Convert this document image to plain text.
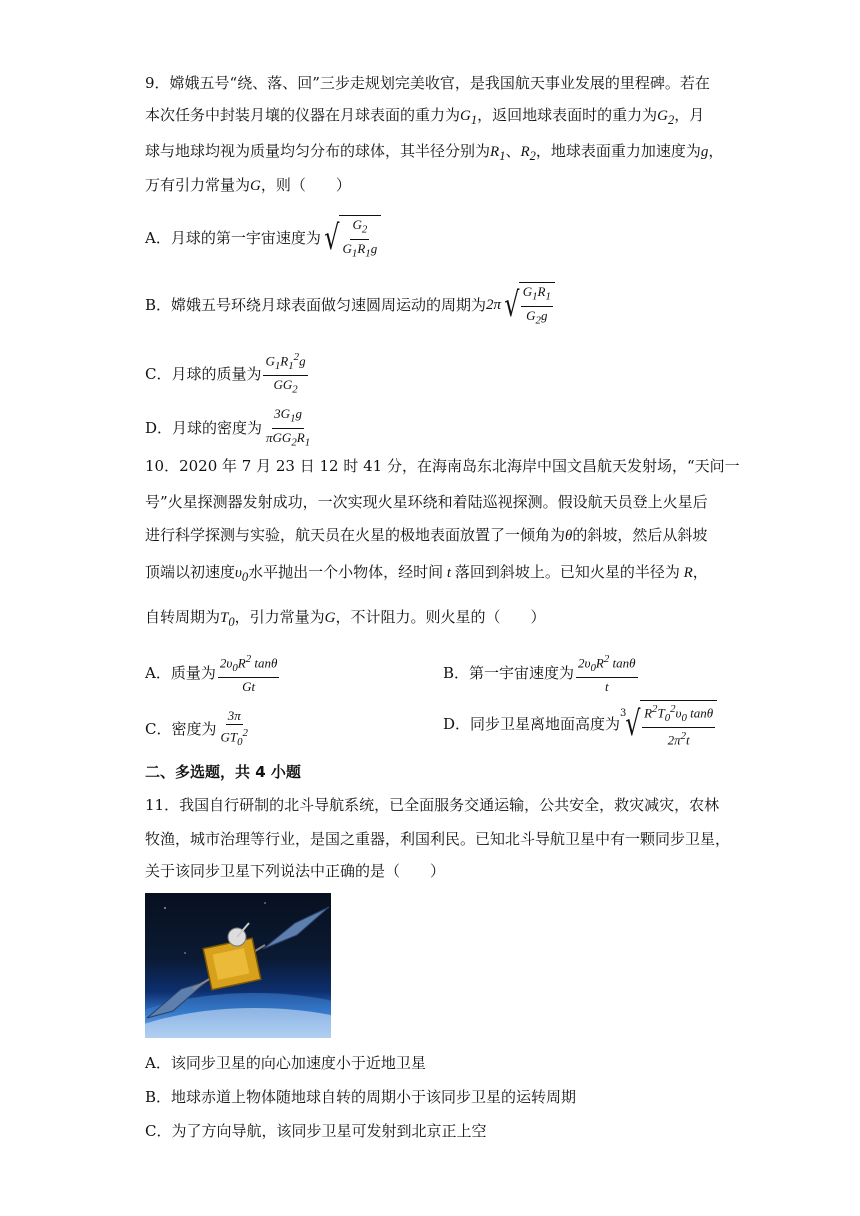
9．嫦娥五号“绕、落、回”三步走规划完美收官，是我国航天事业发展的里程碑。若在
本次任务中封装月壤的仪器在月球表面的重力为$G_1$，返回地球表面时的重力为$G_2$，月
球与地球均视为质量均匀分布的球体，其半径分别为$R_1$、$R_2$，地球表面重力加速度为g，
万有引力常量为G，则（　　）
A．月球的第一宇宙速度为 √ $\frac{G_2}{G_1R_1g}$
B．嫦娥五号环绕月球表面做匀速圆周运动的周期为 2π √ $\frac{G_1R_1}{G_2g}$
C．月球的质量为 $\frac{G_1R_1^2g}{GG_2}$
D．月球的密度为 $\frac{3G_1g}{\pi GG_2R_1}$
10．2020 年 7 月 23 日 12 时 41 分，在海南岛东北海岸中国文昌航天发射场，“天问一
号”火星探测器发射成功，一次实现火星环绕和着陆巡视探测。假设航天员登上火星后
进行科学探测与实验，航天员在火星的极地表面放置了一倾角为θ的斜坡，然后从斜坡
顶端以初速度$\upsilon_0$水平抛出一个小物体，经时间 t 落回到斜坡上。已知火星的半径为 R，
自转周期为$T_0$，引力常量为G，不计阻力。则火星的（　　）
A．质量为 $\frac{2\upsilon_0R^2 \tan\theta}{Gt}$	B．第一宇宙速度为 $\frac{2\upsilon_0R^2 \tan\theta}{t}$
C．密度为 $\frac{3\pi}{GT_0^2}$	D．同步卫星离地面高度为
3 √ $\frac{R^2T_0^2\upsilon_0 \tan\theta}{2\pi^2t}$
二、多选题，共 4 小题
11．我国自行研制的北斗导航系统，已全面服务交通运输，公共安全，救灾减灾，农林
牧渔，城市治理等行业，是国之重器，利国利民。已知北斗导航卫星中有一颗同步卫星，
关于该同步卫星下列说法中正确的是（　　）
A．该同步卫星的向心加速度小于近地卫星
B．地球赤道上物体随地球自转的周期小于该同步卫星的运转周期
C．为了方向导航，该同步卫星可发射到北京正上空
